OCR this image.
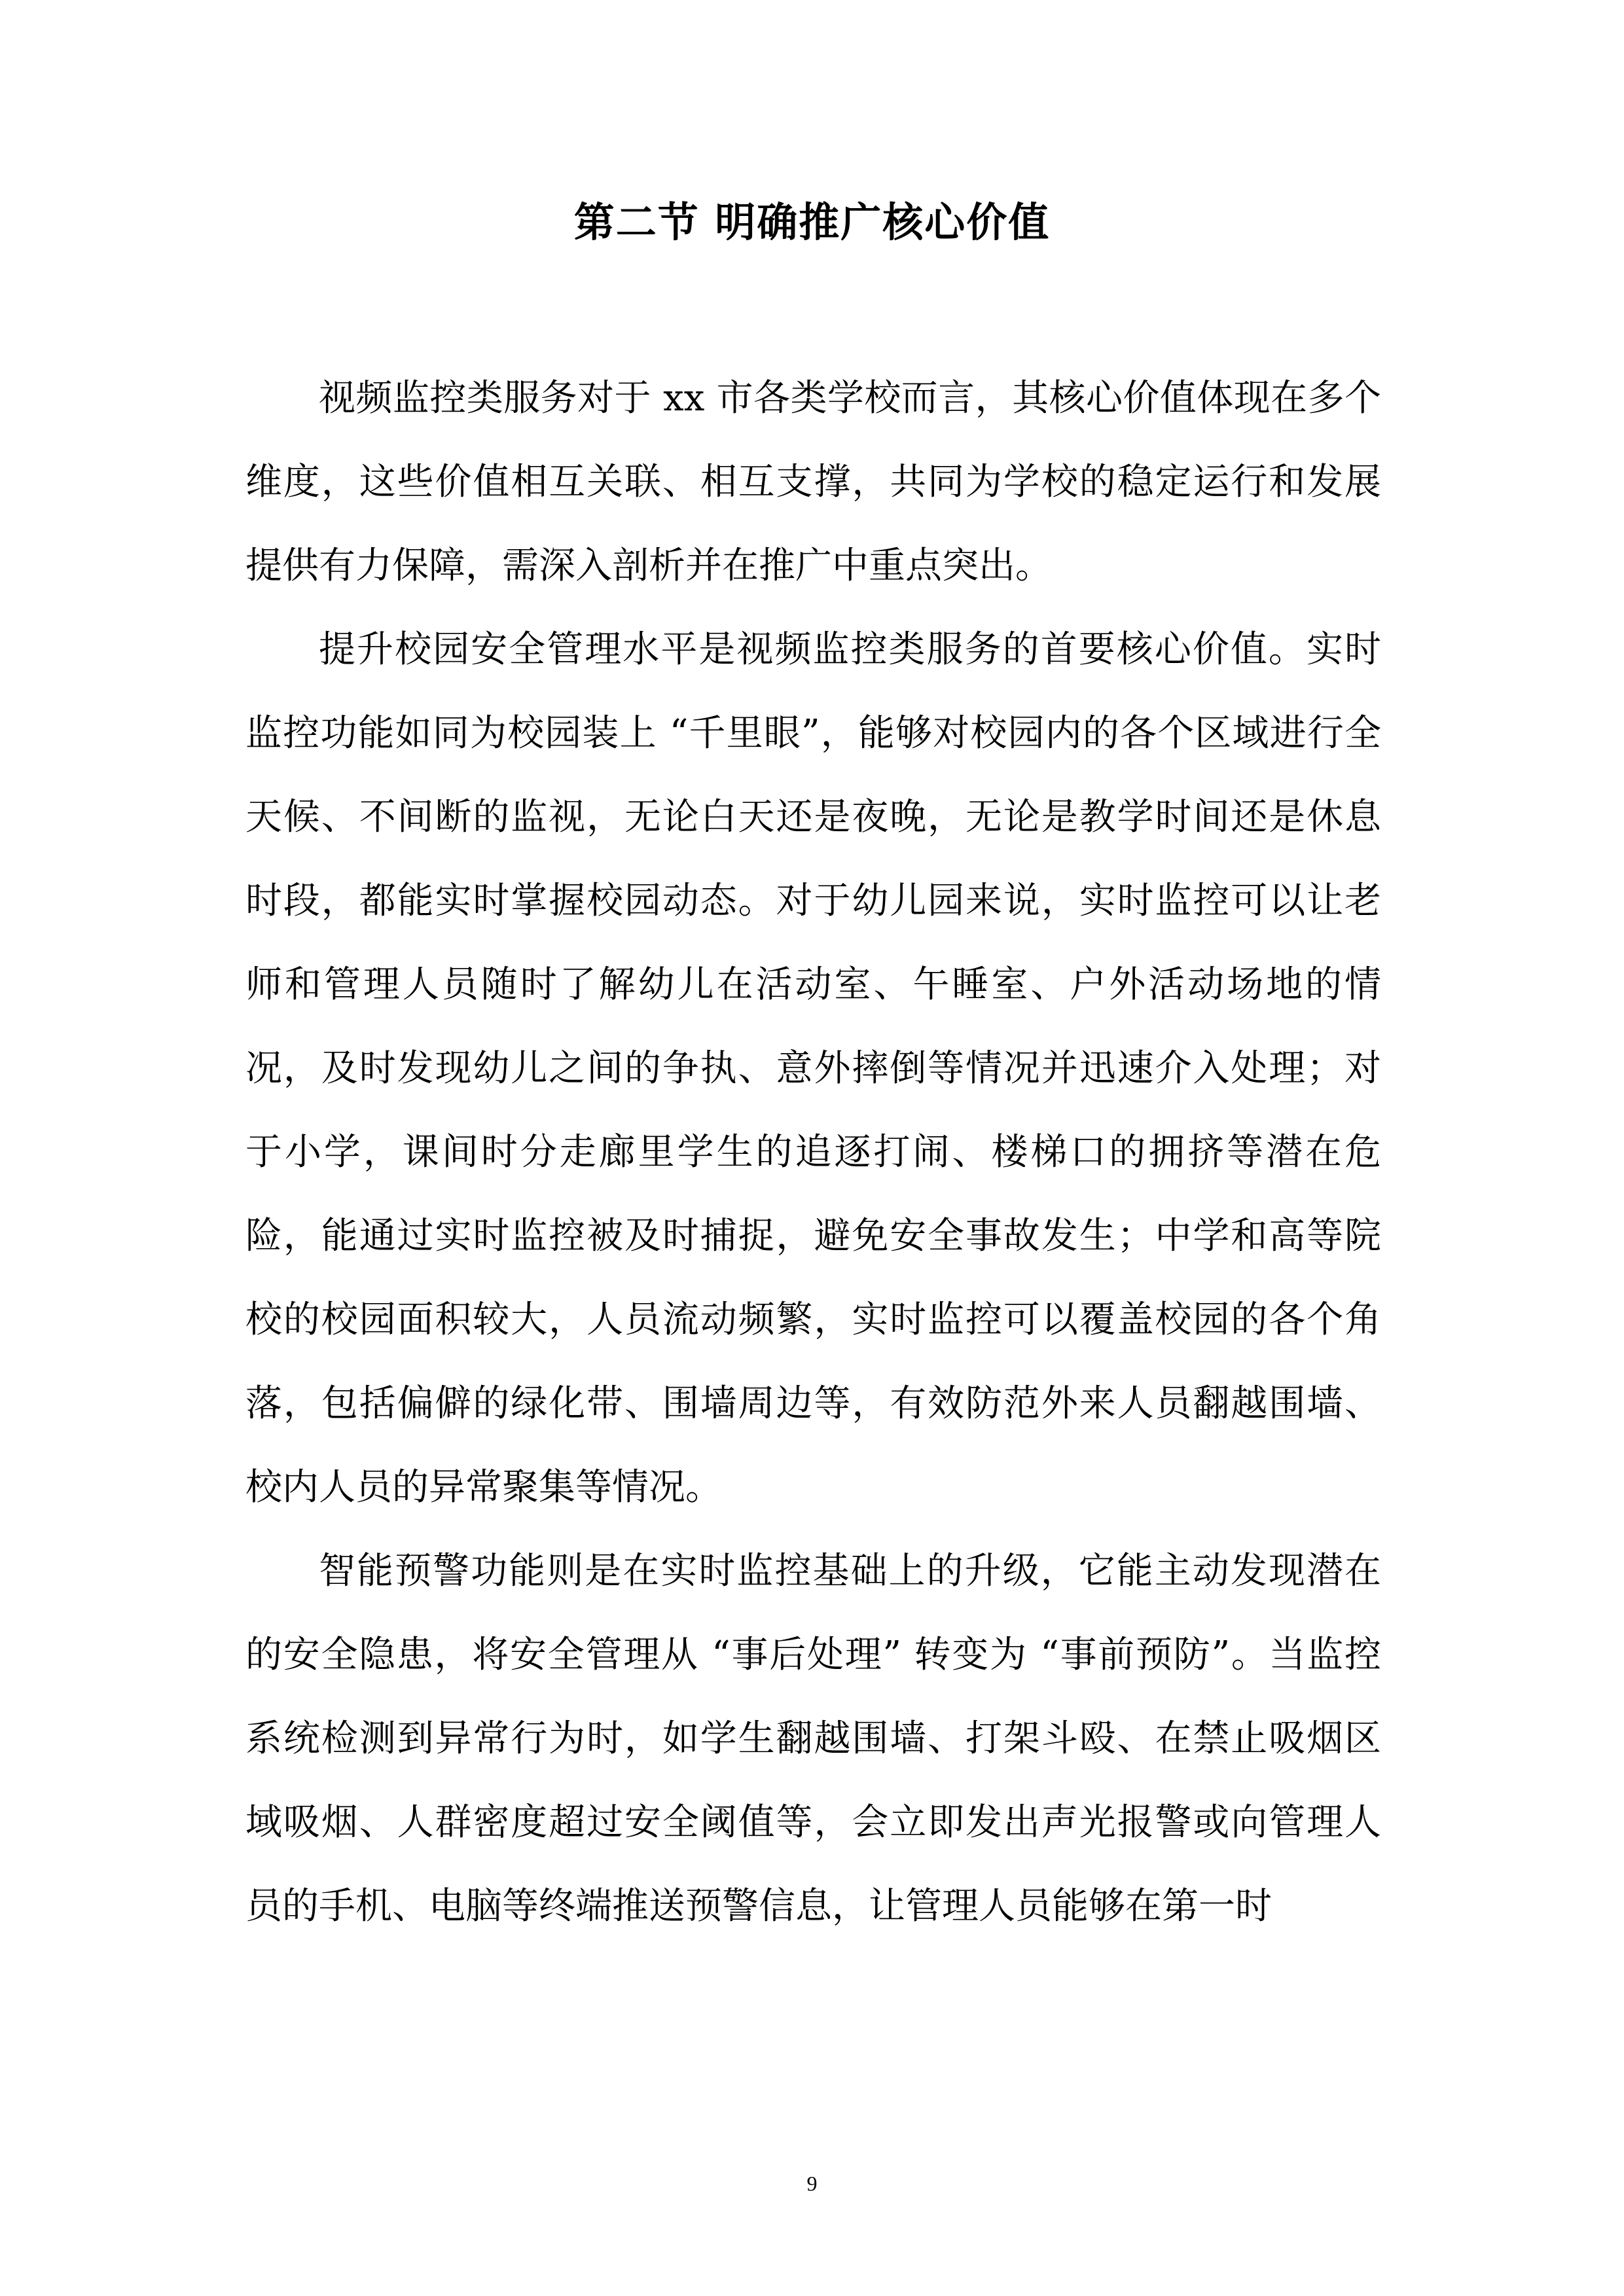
第二节 明确推广核心价值

视频监控类服务对于 xx 市各类学校而言，其核心价值体现在多个维度，这些价值相互关联、相互支撑，共同为学校的稳定运行和发展提供有力保障，需深入剖析并在推广中重点突出。

提升校园安全管理水平是视频监控类服务的首要核心价值。实时监控功能如同为校园装上 “千里眼”，能够对校园内的各个区域进行全天候、不间断的监视，无论白天还是夜晚，无论是教学时间还是休息时段，都能实时掌握校园动态。对于幼儿园来说，实时监控可以让老师和管理人员随时了解幼儿在活动室、午睡室、户外活动场地的情况，及时发现幼儿之间的争执、意外摔倒等情况并迅速介入处理；对于小学，课间时分走廊里学生的追逐打闹、楼梯口的拥挤等潜在危险，能通过实时监控被及时捕捉，避免安全事故发生；中学和高等院校的校园面积较大，人员流动频繁，实时监控可以覆盖校园的各个角落，包括偏僻的绿化带、围墙周边等，有效防范外来人员翻越围墙、校内人员的异常聚集等情况。

智能预警功能则是在实时监控基础上的升级，它能主动发现潜在的安全隐患，将安全管理从 “事后处理” 转变为 “事前预防”。当监控系统检测到异常行为时，如学生翻越围墙、打架斗殴、在禁止吸烟区域吸烟、人群密度超过安全阈值等，会立即发出声光报警或向管理人员的手机、电脑等终端推送预警信息，让管理人员能够在第一时

9
